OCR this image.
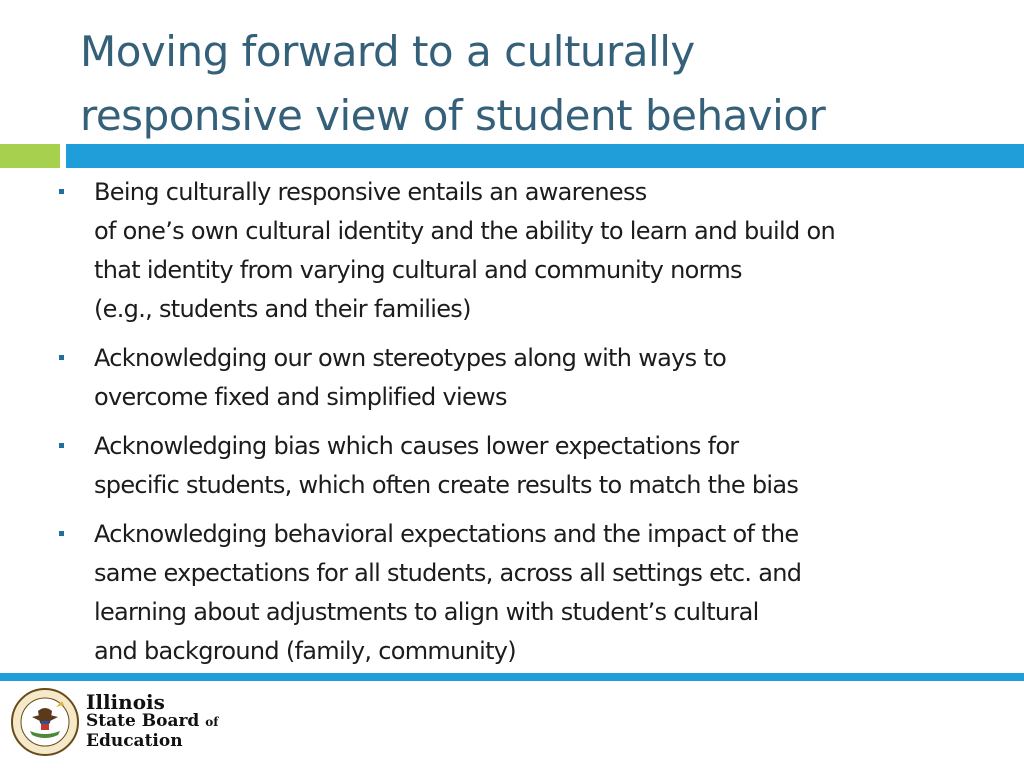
Moving forward to a culturally
responsive view of student behavior
Being culturally responsive entails an awareness
of one’s own cultural identity and the ability to learn and build on
that identity from varying cultural and community norms
(e.g., students and their families)
Acknowledging our own stereotypes along with ways to
overcome fixed and simplified views
Acknowledging bias which causes lower expectations for
specific students, which often create results to match the bias
Acknowledging behavioral expectations and the impact of the
same expectations for all students, across all settings etc. and
learning about adjustments to align with student’s cultural
and background (family, community)
Illinois
State Board of
Education
